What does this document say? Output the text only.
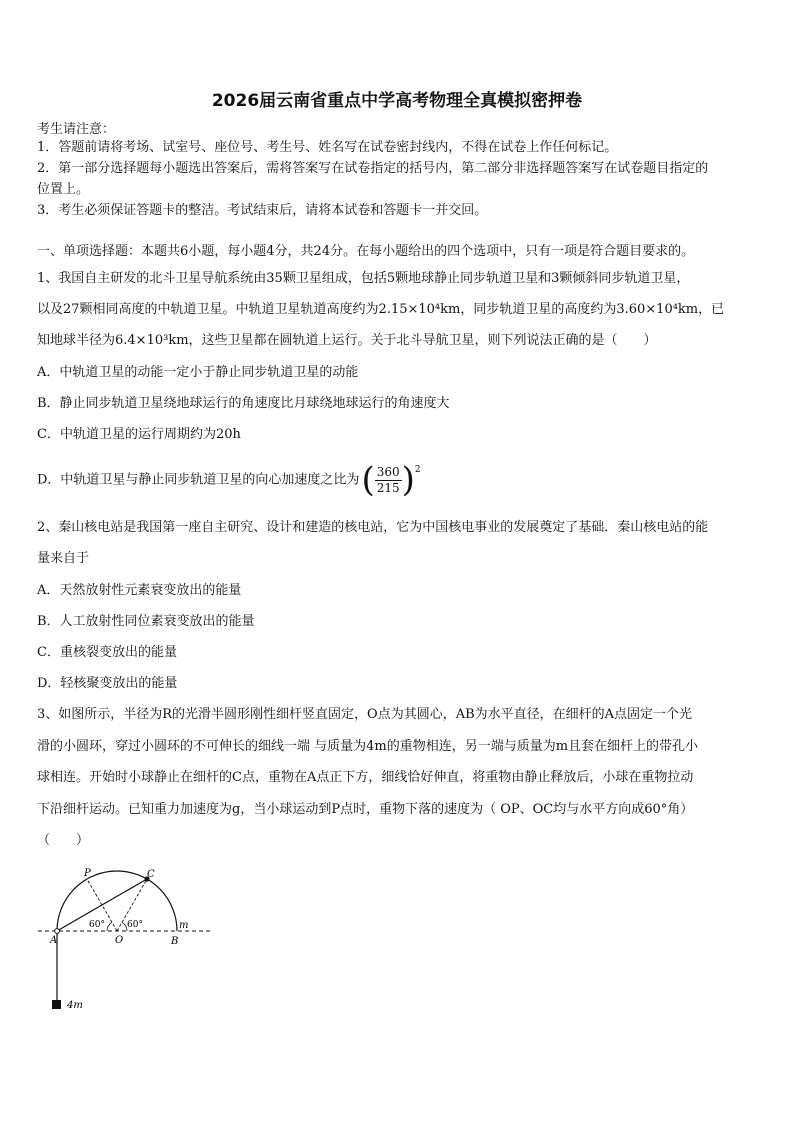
2026届云南省重点中学高考物理全真模拟密押卷
考生请注意：
1．答题前请将考场、试室号、座位号、考生号、姓名写在试卷密封线内，不得在试卷上作任何标记。
2．第一部分选择题每小题选出答案后，需将答案写在试卷指定的括号内，第二部分非选择题答案写在试卷题目指定的
位置上。
3．考生必须保证答题卡的整洁。考试结束后，请将本试卷和答题卡一并交回。
一、单项选择题：本题共6小题，每小题4分，共24分。在每小题给出的四个选项中，只有一项是符合题目要求的。
1、我国自主研发的北斗卫星导航系统由35颗卫星组成，包括5颗地球静止同步轨道卫星和3颗倾斜同步轨道卫星，
以及27颗相同高度的中轨道卫星。中轨道卫星轨道高度约为2.15×10⁴km，同步轨道卫星的高度约为3.60×10⁴km，已
知地球半径为6.4×10³km，这些卫星都在圆轨道上运行。关于北斗导航卫星，则下列说法正确的是（　　）
A．中轨道卫星的动能一定小于静止同步轨道卫星的动能
B．静止同步轨道卫星绕地球运行的角速度比月球绕地球运行的角速度大
C．中轨道卫星的运行周期约为20h
D．中轨道卫星与静止同步轨道卫星的向心加速度之比为 ( $\frac{360}{215}$ ) 2
2、秦山核电站是我国第一座自主研究、设计和建造的核电站，它为中国核电事业的发展奠定了基础．秦山核电站的能
量来自于
A．天然放射性元素衰变放出的能量
B．人工放射性同位素衰变放出的能量
C．重核裂变放出的能量
D．轻核聚变放出的能量
3、如图所示，半径为R的光滑半圆形刚性细杆竖直固定，O点为其圆心，AB为水平直径，在细杆的A点固定一个光
滑的小圆环，穿过小圆环的不可伸长的细线一端 与质量为4m的重物相连，另一端与质量为m且套在细杆上的带孔小
球相连。开始时小球静止在细杆的C点，重物在A点正下方，细线恰好伸直，将重物由静止释放后，小球在重物拉动
下沿细杆运动。已知重力加速度为g，当小球运动到P点时，重物下落的速度为（ OP、OC均与水平方向成60°角）
（　　）
P	C
A	O	B
m
60° 60°
4m
